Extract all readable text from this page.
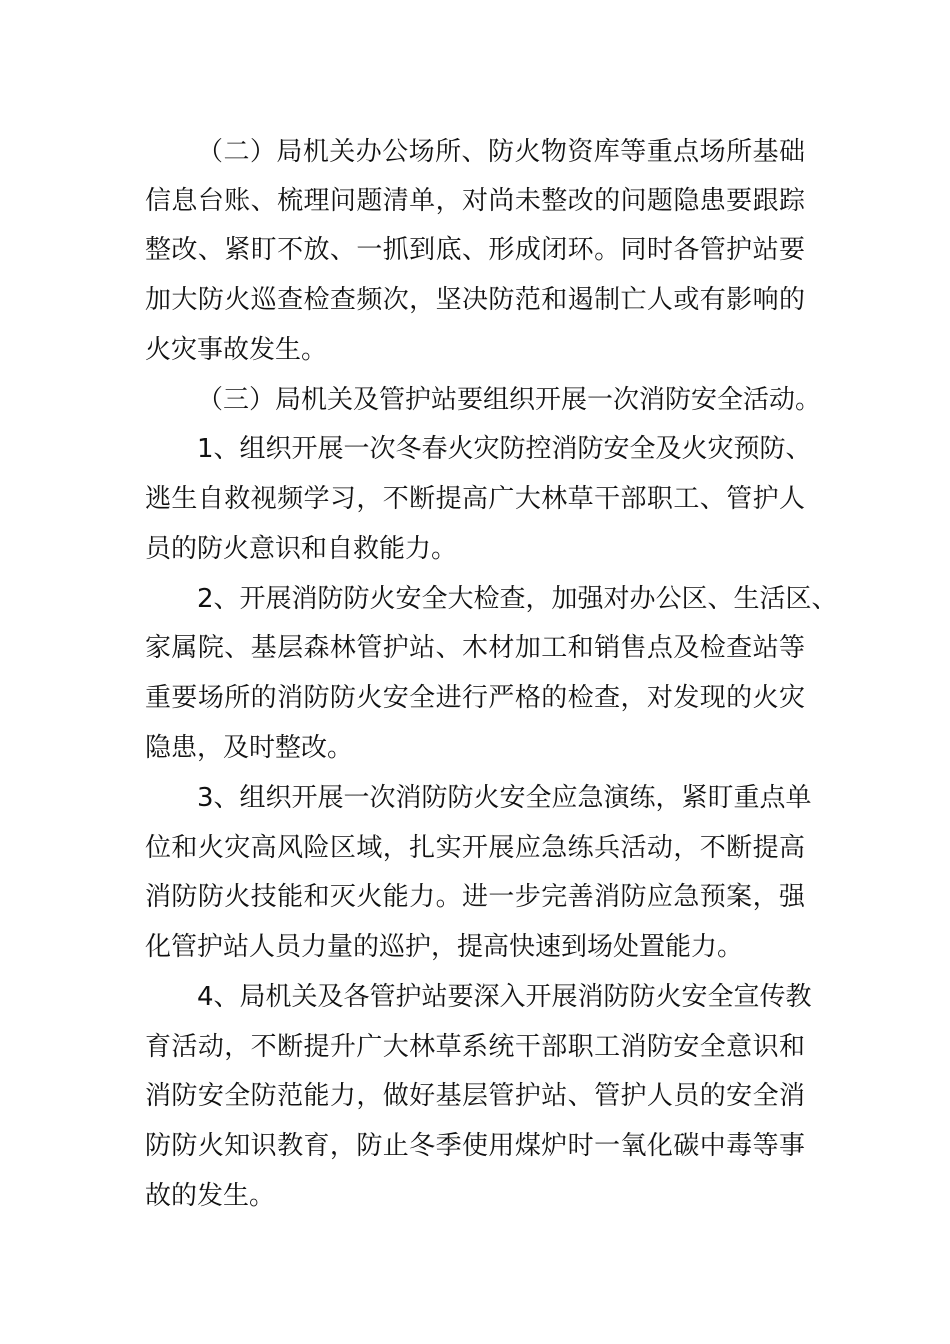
（二）局机关办公场所、防火物资库等重点场所基础
信息台账、梳理问题清单，对尚未整改的问题隐患要跟踪
整改、紧盯不放、一抓到底、形成闭环。同时各管护站要
加大防火巡查检查频次，坚决防范和遏制亡人或有影响的
火灾事故发生。
（三）局机关及管护站要组织开展一次消防安全活动。
1、组织开展一次冬春火灾防控消防安全及火灾预防、
逃生自救视频学习，不断提高广大林草干部职工、管护人
员的防火意识和自救能力。
2、开展消防防火安全大检查，加强对办公区、生活区、
家属院、基层森林管护站、木材加工和销售点及检查站等
重要场所的消防防火安全进行严格的检查，对发现的火灾
隐患，及时整改。
3、组织开展一次消防防火安全应急演练，紧盯重点单
位和火灾高风险区域，扎实开展应急练兵活动，不断提高
消防防火技能和灭火能力。进一步完善消防应急预案，强
化管护站人员力量的巡护，提高快速到场处置能力。
4、局机关及各管护站要深入开展消防防火安全宣传教
育活动，不断提升广大林草系统干部职工消防安全意识和
消防安全防范能力，做好基层管护站、管护人员的安全消
防防火知识教育，防止冬季使用煤炉时一氧化碳中毒等事
故的发生。
